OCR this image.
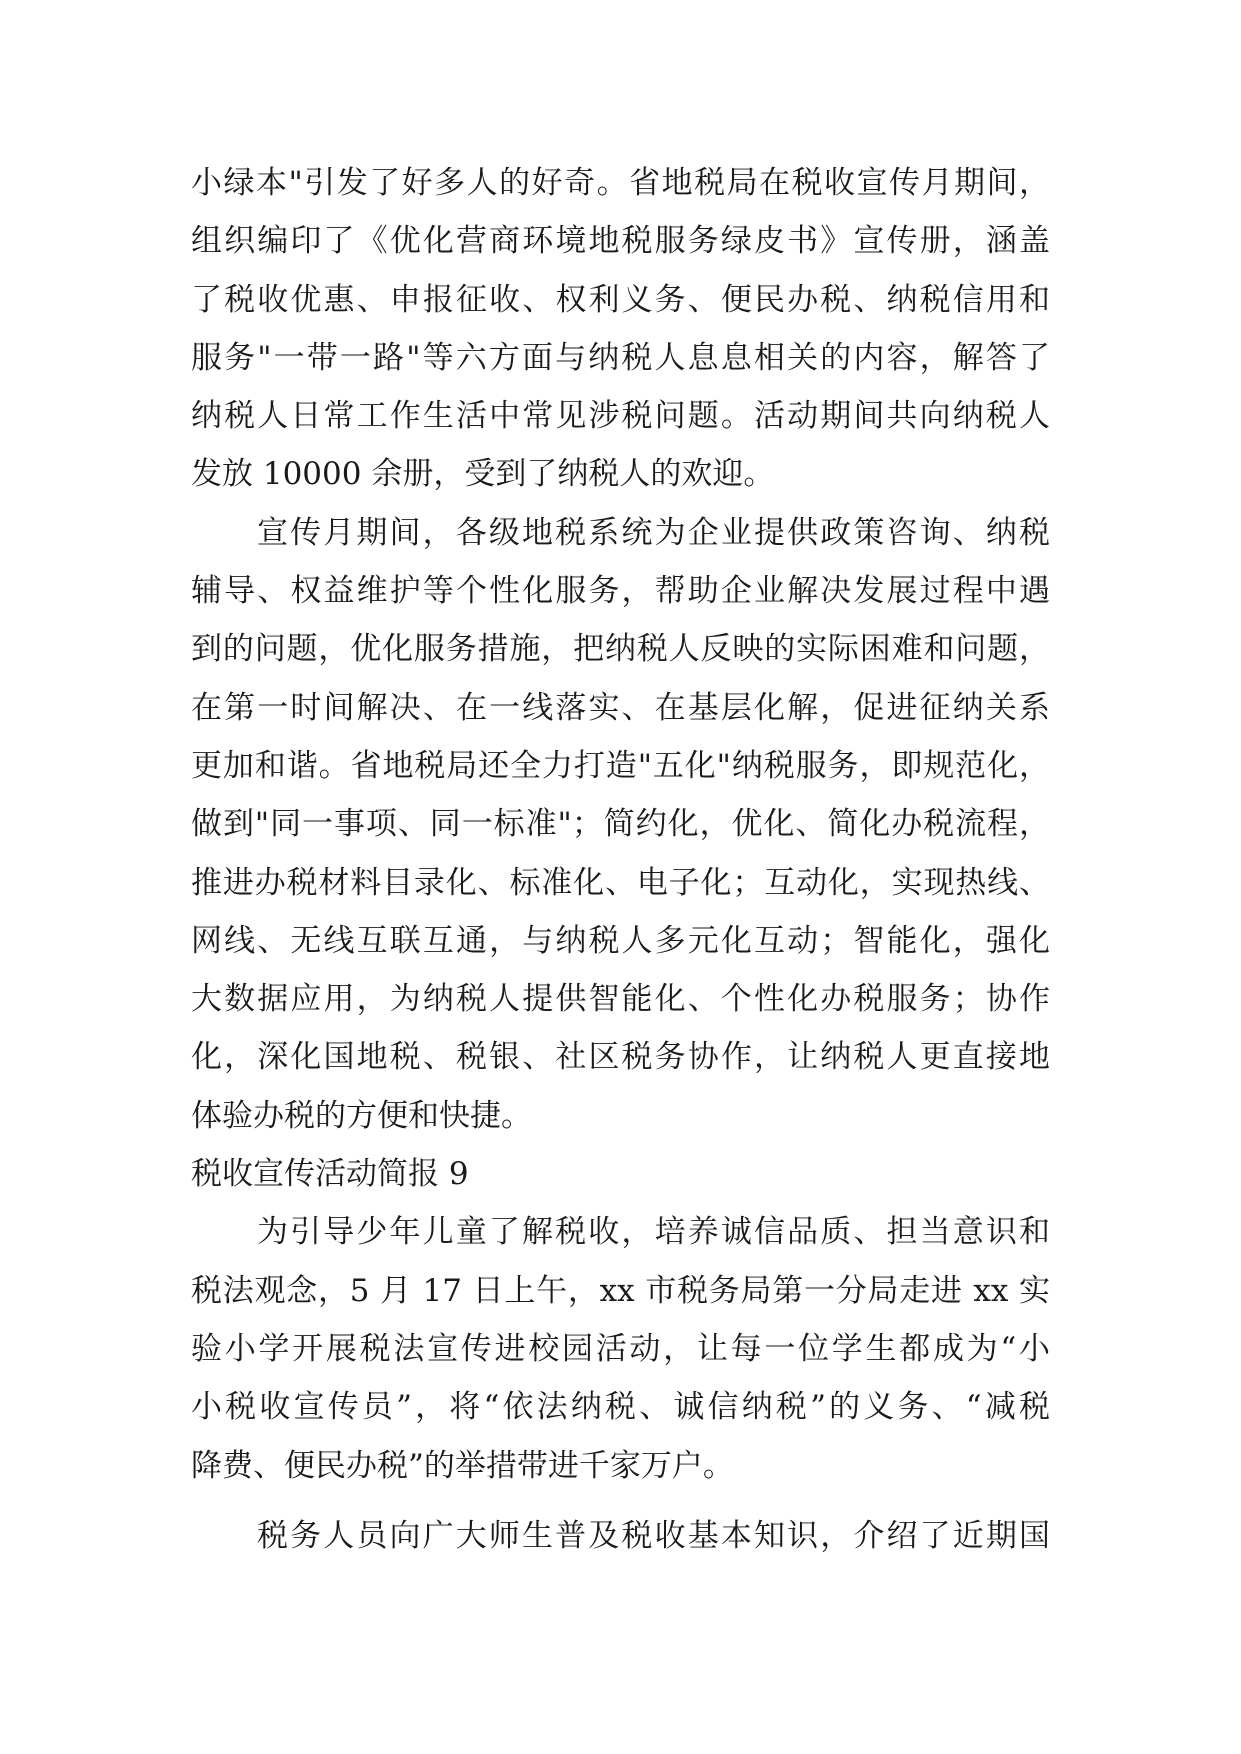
小绿本"引发了好多人的好奇。省地税局在税收宣传月期间，
组织编印了《优化营商环境地税服务绿皮书》宣传册，涵盖
了税收优惠、申报征收、权利义务、便民办税、纳税信用和
服务"一带一路"等六方面与纳税人息息相关的内容，解答了
纳税人日常工作生活中常见涉税问题。活动期间共向纳税人
发放 10000 余册，受到了纳税人的欢迎。
宣传月期间，各级地税系统为企业提供政策咨询、纳税
辅导、权益维护等个性化服务，帮助企业解决发展过程中遇
到的问题，优化服务措施，把纳税人反映的实际困难和问题，
在第一时间解决、在一线落实、在基层化解，促进征纳关系
更加和谐。省地税局还全力打造"五化"纳税服务，即规范化，
做到"同一事项、同一标准"；简约化，优化、简化办税流程，
推进办税材料目录化、标准化、电子化；互动化，实现热线、
网线、无线互联互通，与纳税人多元化互动；智能化，强化
大数据应用，为纳税人提供智能化、个性化办税服务；协作
化，深化国地税、税银、社区税务协作，让纳税人更直接地
体验办税的方便和快捷。
税收宣传活动简报 9
为引导少年儿童了解税收，培养诚信品质、担当意识和
税法观念，5 月 17 日上午，xx 市税务局第一分局走进 xx 实
验小学开展税法宣传进校园活动，让每一位学生都成为“小
小税收宣传员”，将“依法纳税、诚信纳税”的义务、“减税
降费、便民办税”的举措带进千家万户。
税务人员向广大师生普及税收基本知识，介绍了近期国
